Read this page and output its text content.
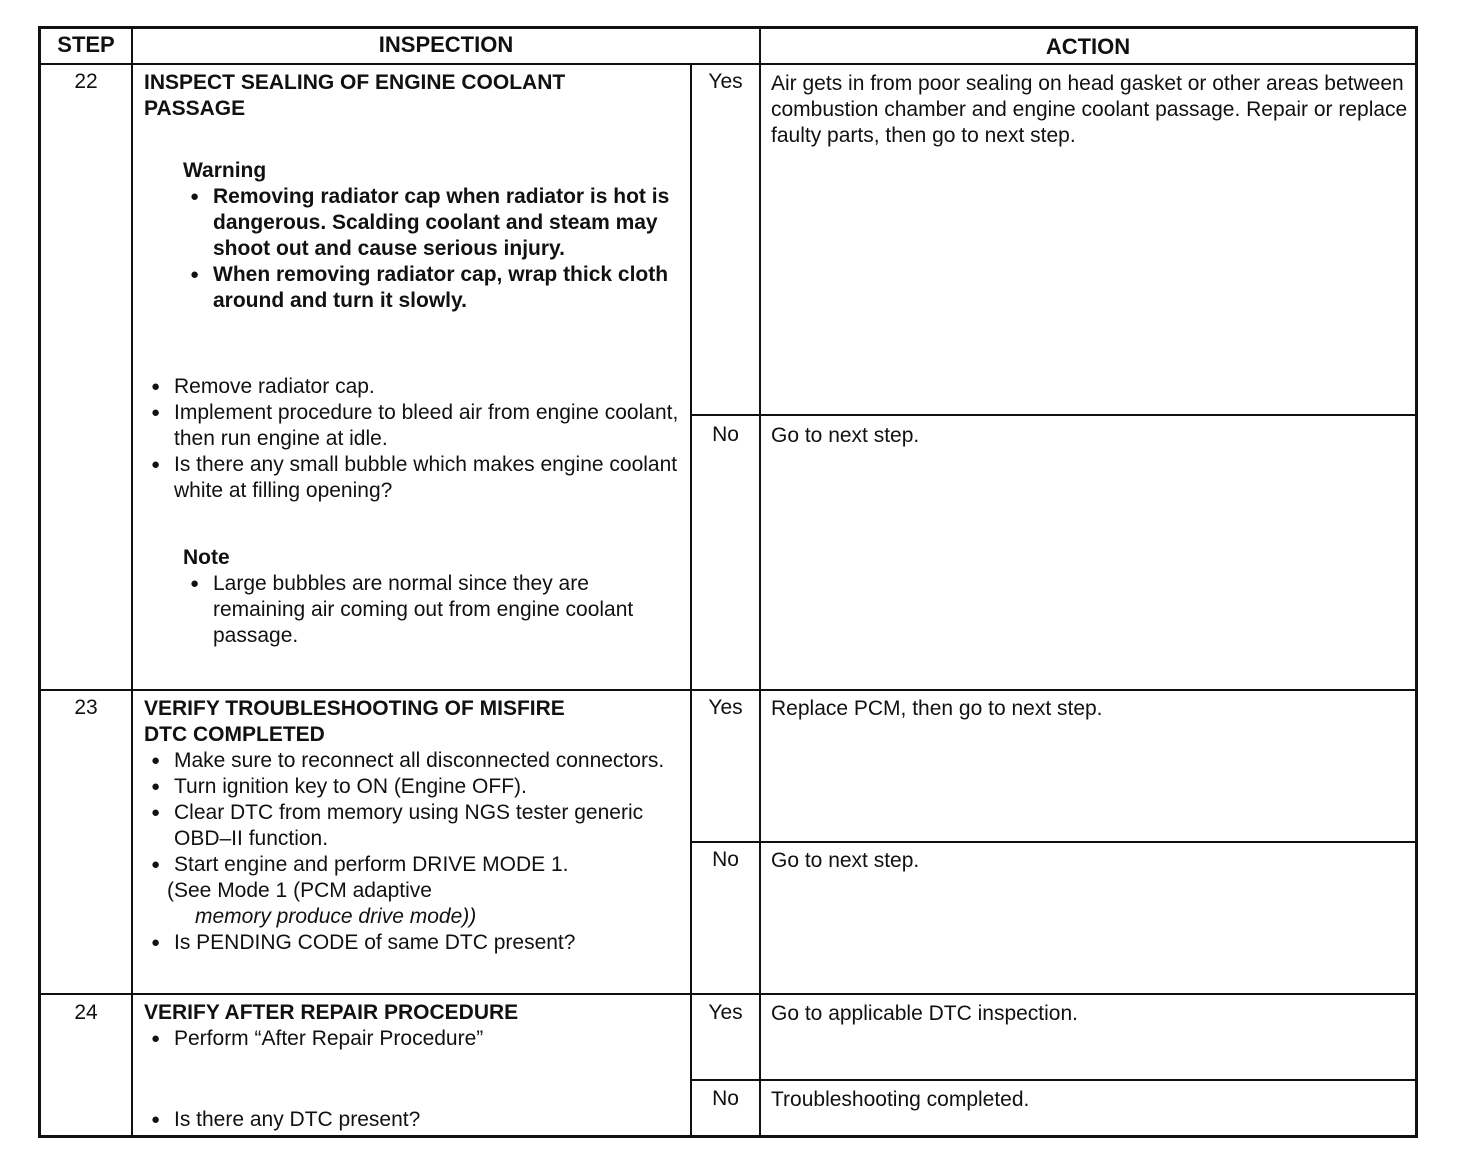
STEP	INSPECTION	ACTION
22	INSPECT SEALING OF ENGINE COOLANT
PASSAGE
Warning
● Removing radiator cap when radiator is hot is dangerous. Scalding coolant and steam may shoot out and cause serious injury.
● When removing radiator cap, wrap thick cloth around and turn it slowly.
● Remove radiator cap.
● Implement procedure to bleed air from engine coolant, then run engine at idle.
● Is there any small bubble which makes engine coolant white at filling opening?
Note
● Large bubbles are normal since they are remaining air coming out from engine coolant passage.
Yes	Air gets in from poor sealing on head gasket or other areas between combustion chamber and engine coolant passage. Repair or replace faulty parts, then go to next step.
No	Go to next step.
23	VERIFY TROUBLESHOOTING OF MISFIRE
DTC COMPLETED
● Make sure to reconnect all disconnected connectors.
● Turn ignition key to ON (Engine OFF).
● Clear DTC from memory using NGS tester generic OBD–II function.
● Start engine and perform DRIVE MODE 1.
(See Mode 1 (PCM adaptive
memory produce drive mode))
● Is PENDING CODE of same DTC present?
Yes	Replace PCM, then go to next step.
No	Go to next step.
24	VERIFY AFTER REPAIR PROCEDURE
● Perform “After Repair Procedure”
● Is there any DTC present?
Yes	Go to applicable DTC inspection.
No	Troubleshooting completed.
